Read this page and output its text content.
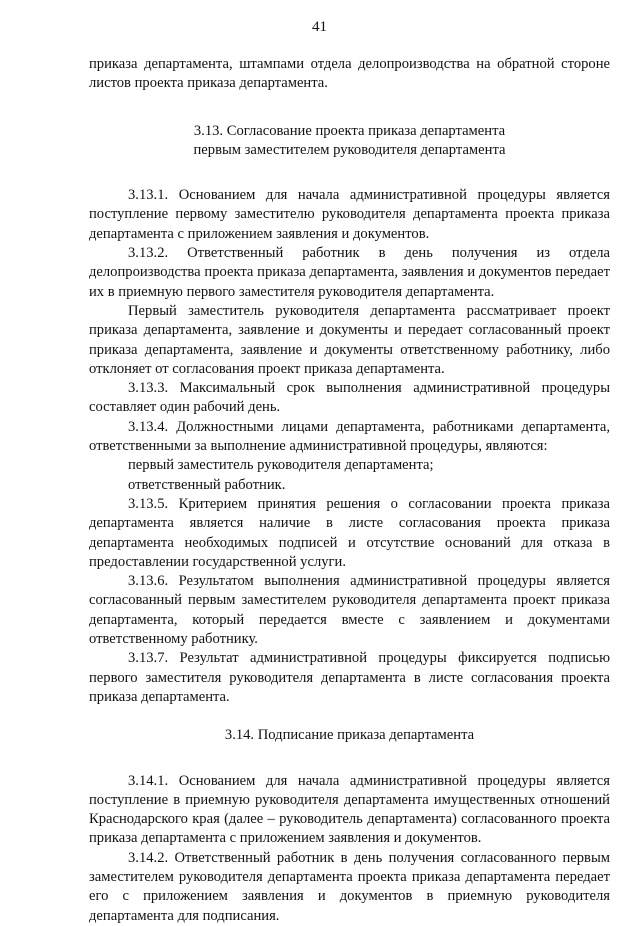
41

приказа департамента, штампами отдела делопроизводства на обратной стороне листов проекта приказа департамента.

3.13. Согласование проекта приказа департамента
первым заместителем руководителя департамента

3.13.1. Основанием для начала административной процедуры является поступление первому заместителю руководителя департамента проекта приказа департамента с приложением заявления и документов.

3.13.2. Ответственный работник в день получения из отдела делопроизводства проекта приказа департамента, заявления и документов передает их в приемную первого заместителя руководителя департамента.

Первый заместитель руководителя департамента рассматривает проект приказа департамента, заявление и документы и передает согласованный проект приказа департамента, заявление и документы ответственному работнику, либо отклоняет от согласования проект приказа департамента.

3.13.3. Максимальный срок выполнения административной процедуры составляет один рабочий день.

3.13.4. Должностными лицами департамента, работниками департамента, ответственными за выполнение административной процедуры, являются:

первый заместитель руководителя департамента;

ответственный работник.

3.13.5. Критерием принятия решения о согласовании проекта приказа департамента является наличие в листе согласования проекта приказа департамента необходимых подписей и отсутствие оснований для отказа в предоставлении государственной услуги.

3.13.6. Результатом выполнения административной процедуры является согласованный первым заместителем руководителя департамента проект приказа департамента, который передается вместе с заявлением и документами ответственному работнику.

3.13.7. Результат административной процедуры фиксируется подписью первого заместителя руководителя департамента в листе согласования проекта приказа департамента.

3.14. Подписание приказа департамента

3.14.1. Основанием для начала административной процедуры является поступление в приемную руководителя департамента имущественных отношений Краснодарского края (далее – руководитель департамента) согласованного проекта приказа департамента с приложением заявления и документов.

3.14.2. Ответственный работник в день получения согласованного первым заместителем руководителя департамента проекта приказа департамента передает его с приложением заявления и документов в приемную руководителя департамента для подписания.
